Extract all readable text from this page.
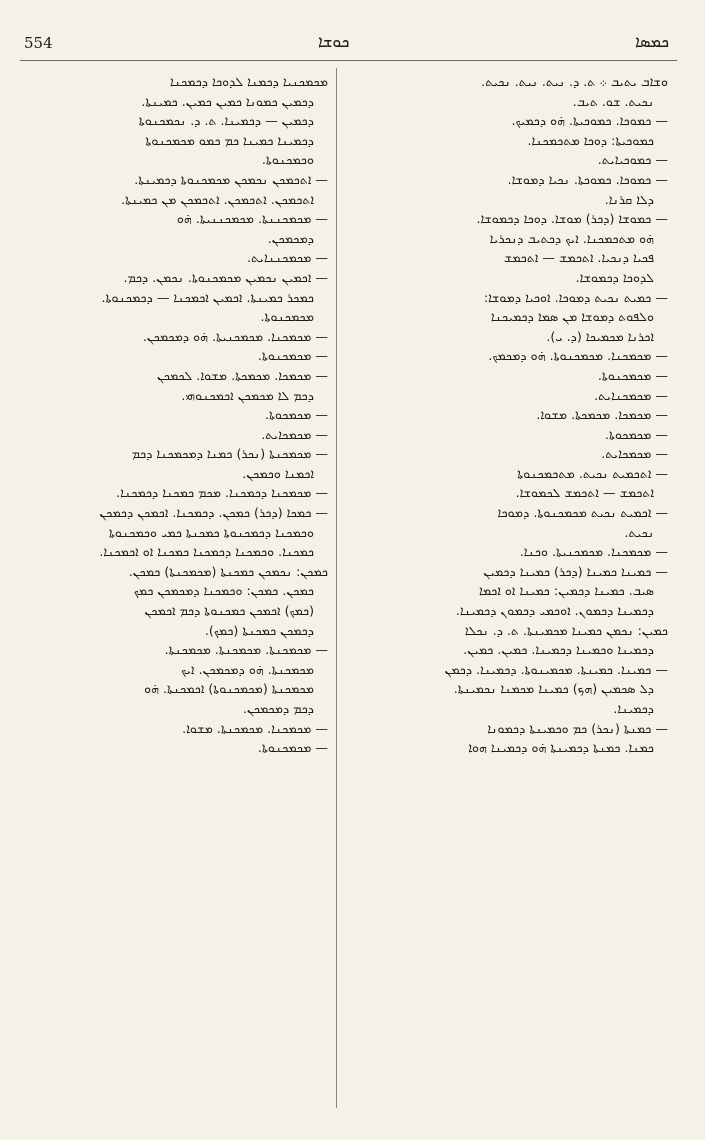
554	ܟܘܫܐ	ܟܡܣܐ
ܘܫܐܒ ܝܬܝܒ ܀ ܬ. ܕ. ܢܝܬ. ܢܝܬ. ܢܟܝܬ.
ܢܟܝܬ. ܫܘ. ܬܝܒ.
— ܟܡܘܟܐ. ܟܡܘܟܝܬܐ. ܗ̇ܘ ܕܟܡܝܟ.
ܟܡܘܟܝܬܐ: ܕܘܟܐ ܡܬܟܡܟܢܐ.
— ܟܡܘܟܝܐܝܬ.
— ܟܡܘܟܐ. ܟܡܘܟܬܐ. ܢܟܝܐ ܕܡܘܫܐ.
ܕܠܐ ܩܪܢܐ.
— ܟܡܘܫܐ (ܕܟܪ) ܡܘܫܐ. ܕܘܟܐ ܕܟܡܘܫܐ.
ܗ̇ܘ ܡܬܟܡܟܢܐ. ܐܝܟ ܕܟܬܝܒ ܕܢܟܪܝܐ
ܦܟܝܐ ܕܢܟܝܐ. ܐܬܟܡܫ — ܐܬܟܡܫ
ܠܕܘܟܐ ܕܟܡܘܫܐ.
— ܟܡܝܬ ܢܟܝܬ ܕܡܘܟܐ. ܐܘܟܝܐ ܕܡܘܫܐ:
ܘܠܦܘܬ ܕܡܘܫܐ ܡܢ ܣܡܐ ܕܟܡܝܟܢܐ
ܐܟܪܢܐ ܡܟܡܝܟܐ (ܕ. ܝ).
— ܡܟܡܟܢܐ. ܡܟܡܟܢܘܬܐ. ܗ̇ܘ ܕܡܟܡܟ.
— ܡܟܡܟܢܘܬܐ.
— ܡܟܡܟܢܐܝܬ.
— ܡܟܡܟܐ. ܡܟܡܟܬܐ. ܡܫܘܐ.
— ܡܟܡܟܘܬܐ.
— ܡܟܡܟܐܝܬ.
— ܐܬܟܡܝܬ ܢܟܝܬ. ܡܬܟܡܟܢܘܬܐ
ܐܬܟܡܫ — ܐܬܟܡܫ ܠܟܡܘܫܐ.
— ܐܟܡܝܬ ܢܟܝܬ ܡܟܡܟܢܘܬܐ. ܕܡܘܟܐ
ܢܟܝܬ.
— ܡܟܡܟܢܐ. ܡܟܡܟܢܝܬܐ. ܘܟܢܐ.
— ܟܡܝܢܐ ܟܡܝܢܐ (ܕܟܪ) ܟܡܝܢܐ ܕܟܡܝܢ
ܣܝܒ. ܟܡܝܢܐ ܕܟܡܝܢ: ܟܡܝܢܐ ܐܘ ܐܟܡܐ
ܕܟܡܝܢܐ ܕܟܡܘܢ. ܐܘܟܡܝ ܕܟܡܘܢ ܕܟܡܝܢܐ.
ܟܡܝܢ: ܢܟܡܢ ܟܡܝܢܐ ܡܟܡܝܢܬܐ. ܬ. ܕ. ܢܟܠܐ
ܕܟܡܝܢܐ ܘܟܡܝܢܐ ܕܟܡܝܢܐ. ܟܡܝܢ. ܟܡܝܢ.
— ܟܡܝܢܐ. ܟܡܝܢܬܐ. ܡܟܡܝܢܘܬܐ. ܕܟܡܝܢܐ. ܕܟܡܢ
ܕܠ ܣܟܡܝܢ (ܗܟ) ܟܡܝܢܐ ܡܟܡܢܐ ܢܟܡܝܢܬܐ.
ܕܟܡܝܢܐ.
— ܟܡܢܬܐ (ܢܟܪ) ܟܡ ܘܟܡܝܢܬܐ ܕܟܡܘܢܐ
ܟܡܢܐ. ܟܡܢܬܐ ܕܟܡܝܢܬܐ ܗ̇ܘ ܕܟܡܝܢܐ ܗܘܐ
ܡܟܡܟܢܝܐ ܕܟܡܢܐ ܠܕܘܟܐ ܕܟܡܟܢܐ
ܕܟܡܝܢ ܟܡܘܢܐ ܟܡܝܢ ܟܡܝܢ. ܟܡܝܢܬܐ.
ܕܟܡܝܢ — ܕܟܡܝܢܐ. ܬ. ܕ. ܢܟܡܟܢܘܬܐ
ܕܟܡܝܢܐ ܟܡܝܢܐ ܟܡ ܟܡܘ ܡܟܡܟܢܘܬܐ
ܘܟܡܟܢܘܬܐ.
— ܐܬܟܡܟܢ ܢܟܡܟܢ ܡܟܡܟܢܘܬܐ ܕܟܡܝܢܬܐ.
ܐܬܟܡܟܢ. ܐܬܟܡܟܢ. ܐܬܟܡܟܢ ܡܢ ܟܡܝܢܬܐ.
— ܡܟܡܟܢܢܬܐ. ܡܟܡܟܢܢܝܬܐ. ܗ̇ܘ
ܕܡܟܡܟܢ.
— ܡܟܡܟܢܢܐܝܬ.
— ܐܟܡܝܢ ܢܟܡܝܢ ܡܟܡܟܢܘܬܐ. ܢܟܡܢ. ܕܟܡ.
ܟܡܟܪ ܟܡܝܢܬܐ. ܐܟܡܝܢ ܐܟܡܟܢܐ — ܕܟܡܟܢܘܬܐ.
ܡܟܡܟܢܘܬܐ.
— ܡܟܡܟܢܐ. ܡܟܡܟܢܝܬܐ. ܗ̇ܘ ܕܡܟܡܟܢ.
— ܡܟܡܟܢܘܬܐ.
— ܡܟܡܟܐ. ܡܟܡܟܬܐ. ܡܫܘܐ. ܠܟܡܟܢ
ܕܟܡ ܠܐ ܡܟܡܟܢ ܐܟܡܟܢܘܗܝ.
— ܡܟܡܟܘܬܐ.
— ܡܟܡܟܐܝܬ.
— ܡܟܡܟܢܬܐ (ܢܟܪ) ܟܡܢܐ ܕܡܟܡܟܢܐ ܕܟܡ
ܐܟܡܢܐ ܘܟܡܟܢ.
— ܡܟܡܟܢܐ ܕܟܡܟܢܐ. ܡܟܡ ܟܡܟܢܐ ܕܟܡܟܢܐ.
— ܟܡܟܐ (ܕܟܪ) ܟܡܟܢ. ܕܟܡܟܢܐ. ܐܟܡܟܢ ܕܟܡܟܢ
ܘܟܡܟܢܐ ܕܟܡܟܢܘܬܐ ܟܡܟܢܬܐ ܟܡܝ ܘܟܡܟܢܘܬܐ
ܟܡܟܢܐ. ܘܟܡܟܢܐ ܕܟܡܟܢܐ ܟܡܟܢܐ ܐܘ ܐܟܡܟܢܐ.
ܟܡܟܢ: ܢܟܡܟܢ ܟܡܟܢܬܐ (ܡܟܡܟܢܬܐ) ܟܡܟܢ.
ܟܡܟܢ. ܟܡܟܢ: ܘܟܡܟܢܐ ܕܡܟܡܟܢ ܟܡܟ
(ܟܡܟ) ܐܟܡܟܢ ܟܡܟܢܘܬܐ ܕܟܡ ܐܟܡܟܢ
ܕܟܡܟܢ ܟܡܟܢܬܐ (ܟܡܟ).
— ܡܟܡܟܢܬܐ. ܡܟܡܟܢܬܐ. ܡܟܡܟܢܬܐ.
ܡܟܡܟܢܬܐ. ܗ̇ܘ ܕܡܟܡܟܢ. ܐܝܟ
ܡܟܡܟܢܬܐ (ܡܟܡܟܢܘܬܐ) ܐܟܡܟܢܬܐ. ܗ̇ܘ
ܕܟܡ ܕܡܟܡܟܢ.
— ܡܟܡܟܢܐ. ܡܟܡܟܢܬܐ. ܡܫܘܐ.
— ܡܟܡܟܢܘܬܐ.
